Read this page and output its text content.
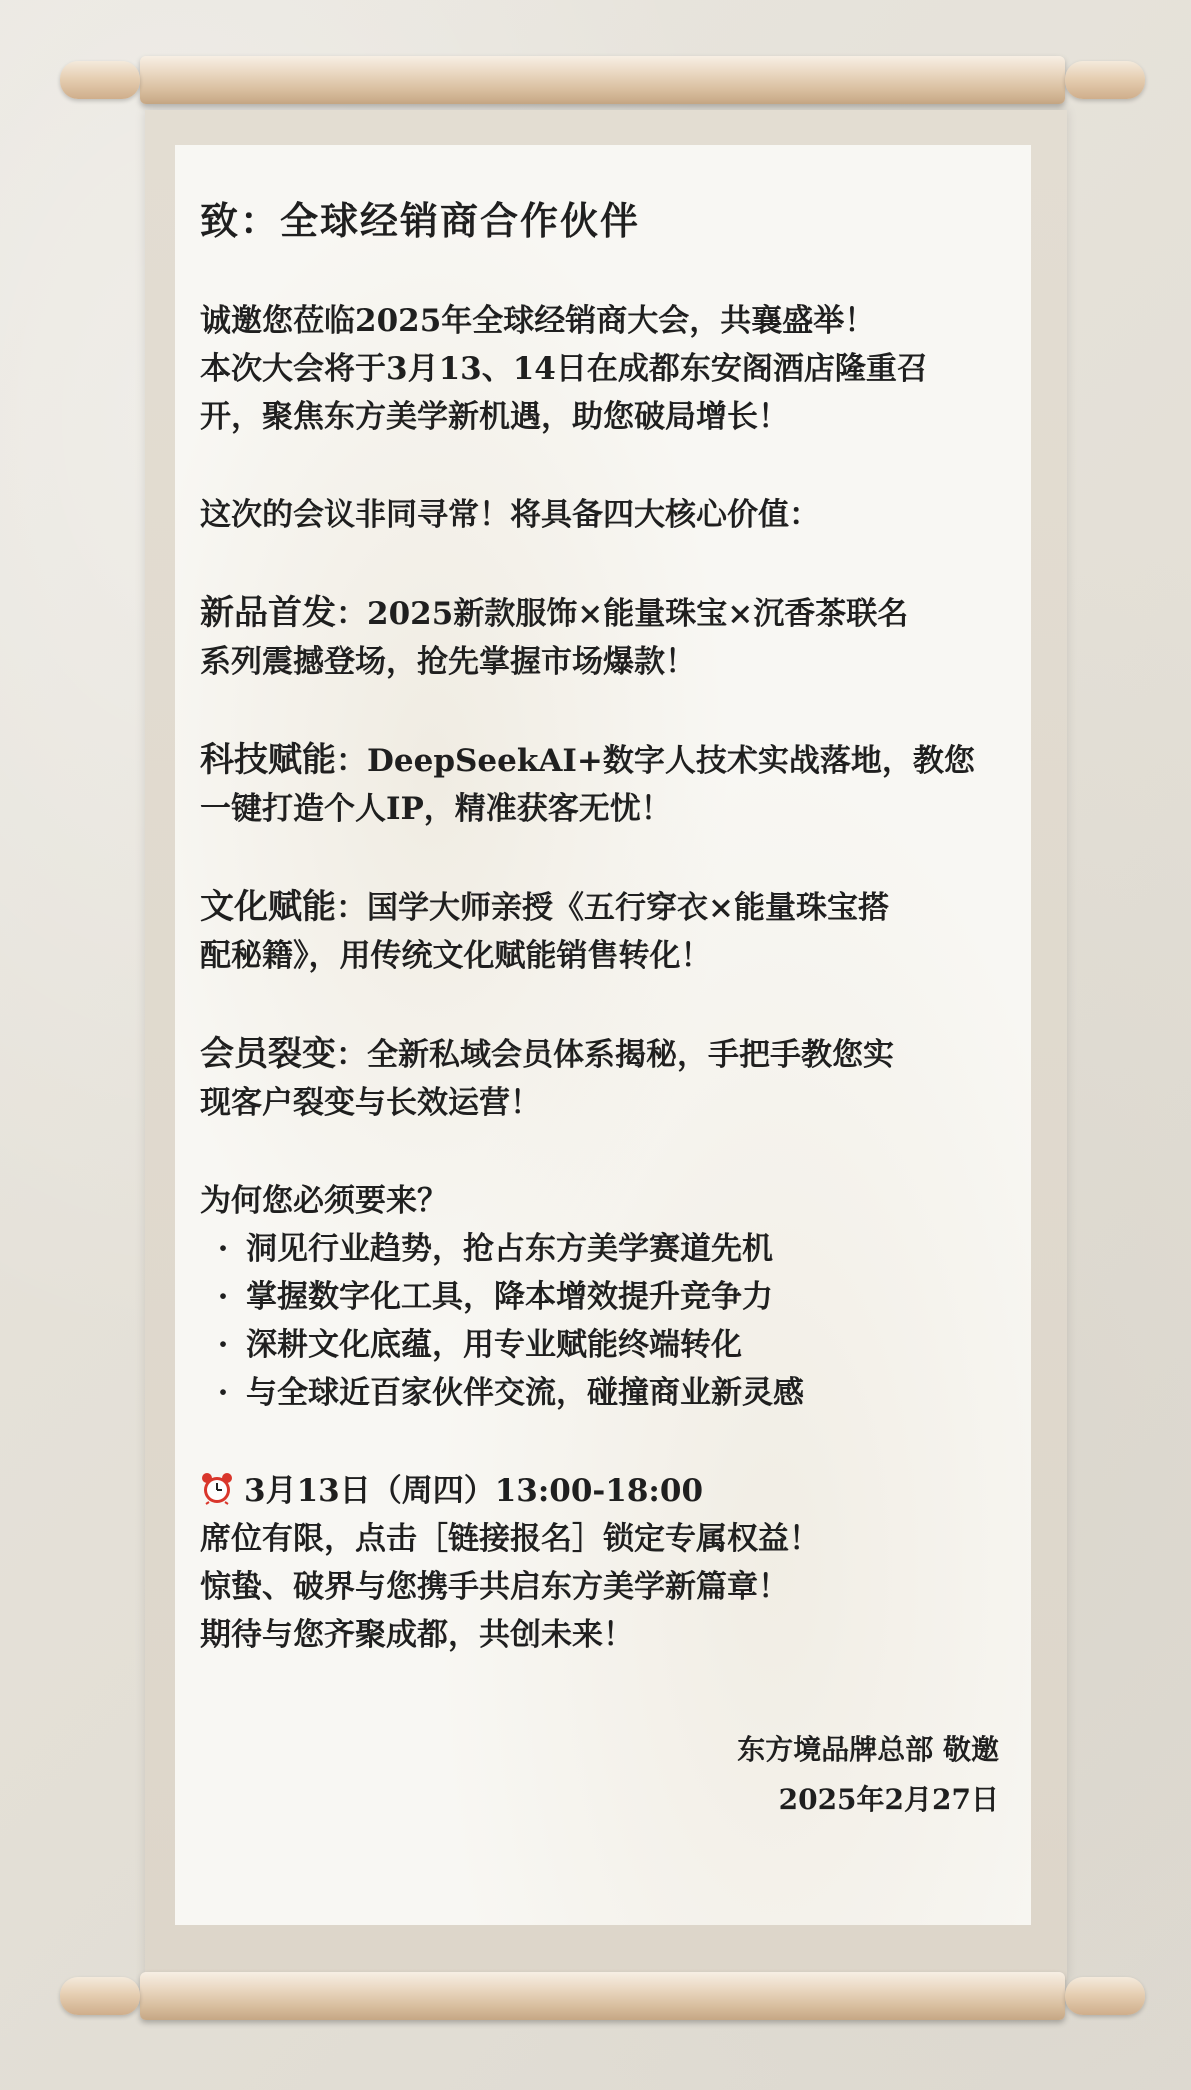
致：全球经销商合作伙伴

诚邀您莅临2025年全球经销商大会，共襄盛举！

本次大会将于3月13、14日在成都东安阁酒店隆重召

开，聚焦东方美学新机遇，助您破局增长！

这次的会议非同寻常！将具备四大核心价值：

新品首发：2025新款服饰×能量珠宝×沉香茶联名

系列震撼登场，抢先掌握市场爆款！

科技赋能：DeepSeekAI+数字人技术实战落地，教您

一键打造个人IP，精准获客无忧！

文化赋能：国学大师亲授《五行穿衣×能量珠宝搭

配秘籍》，用传统文化赋能销售转化！

会员裂变：全新私域会员体系揭秘，手把手教您实

现客户裂变与长效运营！

为何您必须要来？

· 洞见行业趋势，抢占东方美学赛道先机
· 掌握数字化工具，降本增效提升竞争力
· 深耕文化底蕴，用专业赋能终端转化
· 与全球近百家伙伴交流，碰撞商业新灵感

3月13日（周四）13:00-18:00

席位有限，点击［链接报名］锁定专属权益！

惊蛰、破界与您携手共启东方美学新篇章！

期待与您齐聚成都，共创未来！

东方境品牌总部 敬邀
2025年2月27日
